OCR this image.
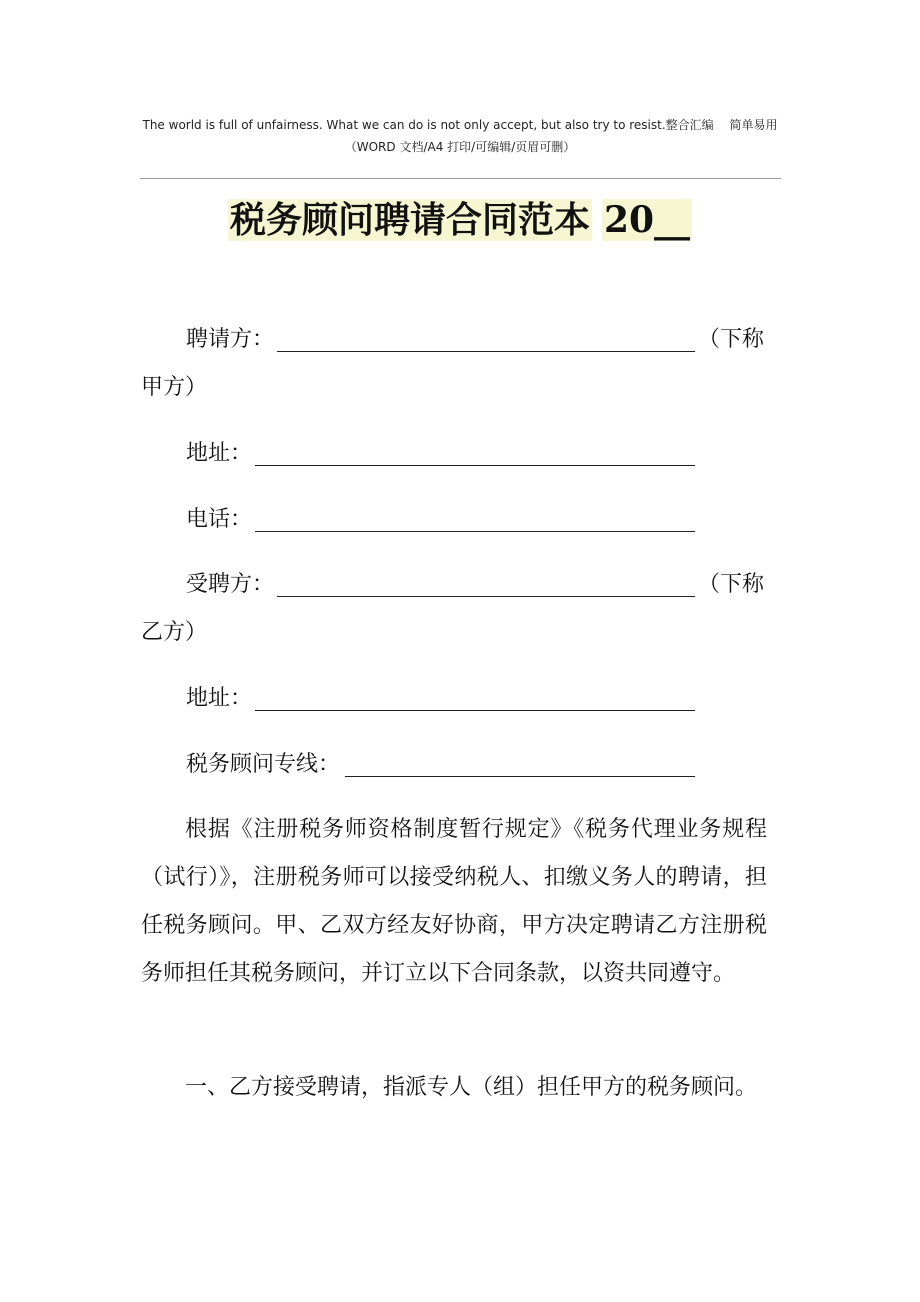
The world is full of unfairness. What we can do is not only accept, but also try to resist.整合汇编　 简单易用
（WORD 文档/A4 打印/可编辑/页眉可删）
税务顾问聘请合同范本 20__
聘请方：	（下称
甲方）
地址：
电话：
受聘方：	（下称
乙方）
地址：
税务顾问专线：
根据《注册税务师资格制度暂行规定》《税务代理业务规程（试行）》，注册税务师可以接受纳税人、扣缴义务人的聘请，担任税务顾问。甲、乙双方经友好协商，甲方决定聘请乙方注册税务师担任其税务顾问，并订立以下合同条款，以资共同遵守。
一、乙方接受聘请，指派专人（组）担任甲方的税务顾问。
